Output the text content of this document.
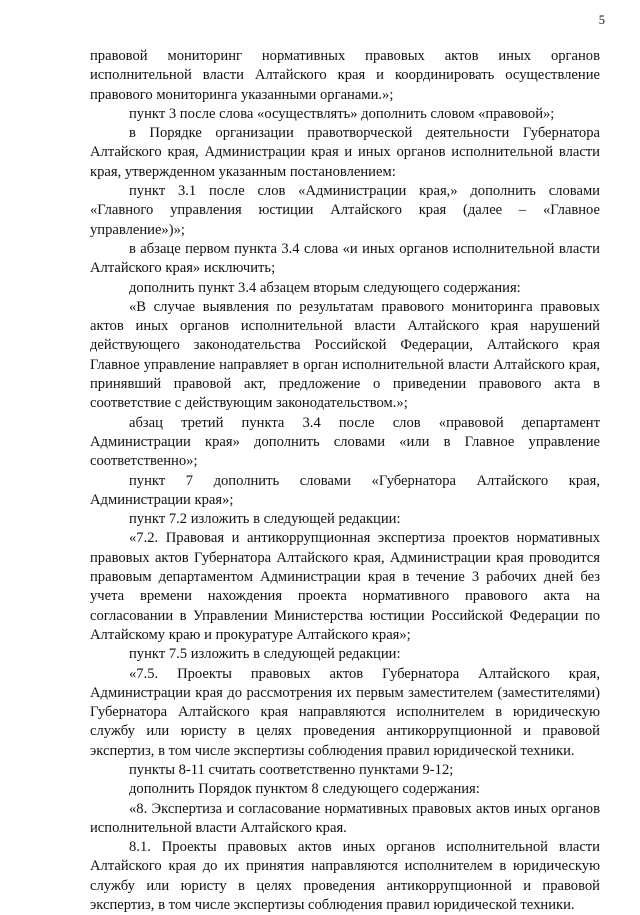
5

правовой мониторинг нормативных правовых актов иных органов исполнительной власти Алтайского края и координировать осуществление правового мониторинга указанными органами.»;

пункт 3 после слова «осуществлять» дополнить словом «правовой»;

в Порядке организации правотворческой деятельности Губернатора Алтайского края, Администрации края и иных органов исполнительной власти края, утвержденном указанным постановлением:

пункт 3.1 после слов «Администрации края,» дополнить словами «Главного управления юстиции Алтайского края (далее – «Главное управление»)»;

в абзаце первом пункта 3.4 слова «и иных органов исполнительной власти Алтайского края» исключить;

дополнить пункт 3.4 абзацем вторым следующего содержания:

«В случае выявления по результатам правового мониторинга правовых актов иных органов исполнительной власти Алтайского края нарушений действующего законодательства Российской Федерации, Алтайского края Главное управление направляет в орган исполнительной власти Алтайского края, принявший правовой акт, предложение о приведении правового акта в соответствие с действующим законодательством.»;

абзац третий пункта 3.4 после слов «правовой департамент Администрации края» дополнить словами «или в Главное управление соответственно»;

пункт 7 дополнить словами «Губернатора Алтайского края, Администрации края»;

пункт 7.2 изложить в следующей редакции:

«7.2. Правовая и антикоррупционная экспертиза проектов нормативных правовых актов Губернатора Алтайского края, Администрации края проводится правовым департаментом Администрации края в течение 3 рабочих дней без учета времени нахождения проекта нормативного правового акта на согласовании в Управлении Министерства юстиции Российской Федерации по Алтайскому краю и прокуратуре Алтайского края»;

пункт 7.5 изложить в следующей редакции:

«7.5. Проекты правовых актов Губернатора Алтайского края, Администрации края до рассмотрения их первым заместителем (заместителями) Губернатора Алтайского края направляются исполнителем в юридическую службу или юристу в целях проведения антикоррупционной и правовой экспертиз, в том числе экспертизы соблюдения правил юридической техники.

пункты 8-11 считать соответственно пунктами 9-12;

дополнить Порядок пунктом 8 следующего содержания:

«8. Экспертиза и согласование нормативных правовых актов иных органов исполнительной власти Алтайского края.

8.1. Проекты правовых актов иных органов исполнительной власти Алтайского края до их принятия направляются исполнителем в юридическую службу или юристу в целях проведения антикоррупционной и правовой экспертиз, в том числе экспертизы соблюдения правил юридической техники.
